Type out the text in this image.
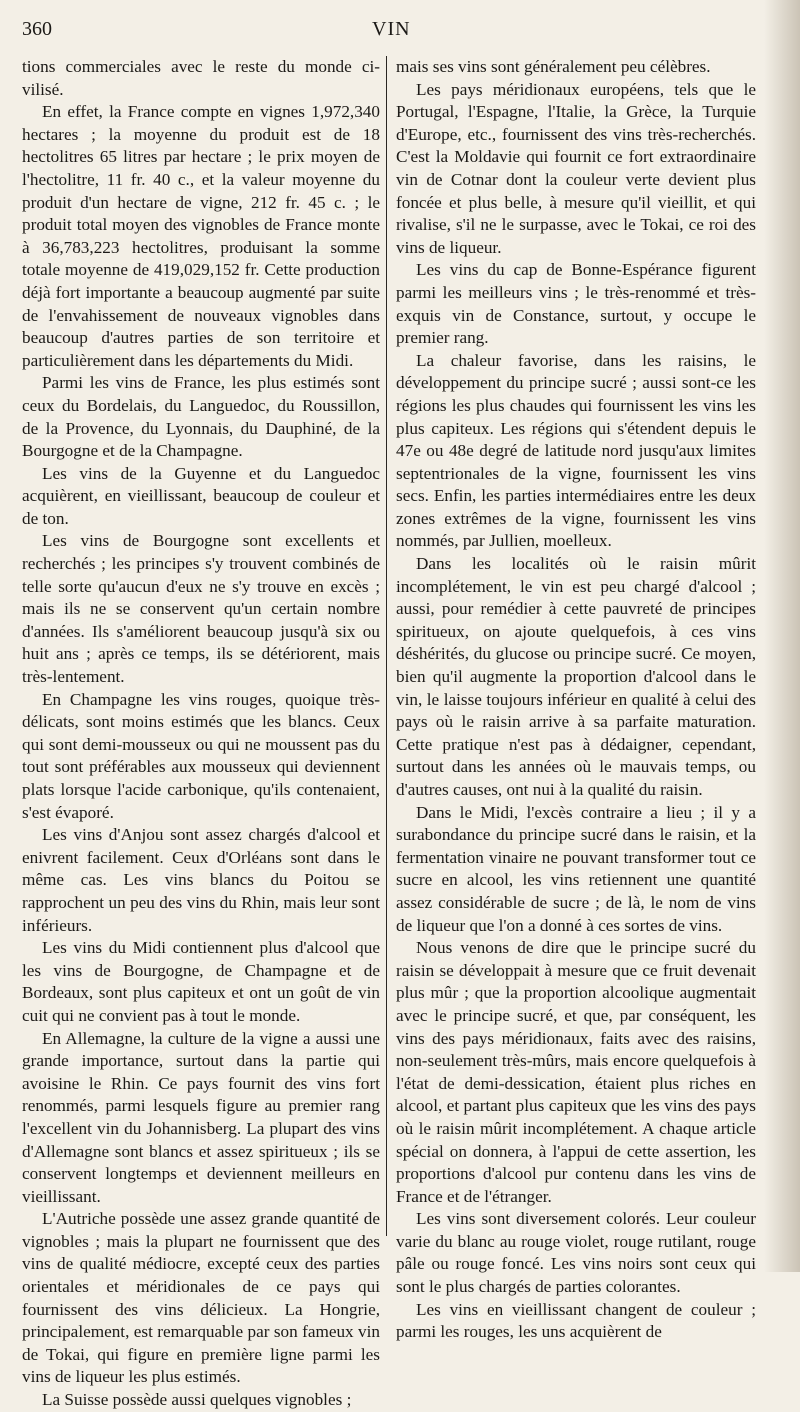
360	VIN

tions commerciales avec le reste du monde ci-vilisé.

En effet, la France compte en vignes 1,972,340 hectares ; la moyenne du produit est de 18 hectolitres 65 litres par hectare ; le prix moyen de l'hectolitre, 11 fr. 40 c., et la valeur moyenne du produit d'un hectare de vigne, 212 fr. 45 c. ; le produit total moyen des vignobles de France monte à 36,783,223 hectolitres, produisant la somme totale moyenne de 419,029,152 fr. Cette production déjà fort importante a beaucoup augmenté par suite de l'envahissement de nouveaux vignobles dans beaucoup d'autres parties de son territoire et particulièrement dans les départements du Midi.

Parmi les vins de France, les plus estimés sont ceux du Bordelais, du Languedoc, du Roussillon, de la Provence, du Lyonnais, du Dauphiné, de la Bourgogne et de la Champagne.

Les vins de la Guyenne et du Languedoc acquièrent, en vieillissant, beaucoup de couleur et de ton.

Les vins de Bourgogne sont excellents et recherchés ; les principes s'y trouvent combinés de telle sorte qu'aucun d'eux ne s'y trouve en excès ; mais ils ne se conservent qu'un certain nombre d'années. Ils s'améliorent beaucoup jusqu'à six ou huit ans ; après ce temps, ils se détériorent, mais très-lentement.

En Champagne les vins rouges, quoique très-délicats, sont moins estimés que les blancs. Ceux qui sont demi-mousseux ou qui ne moussent pas du tout sont préférables aux mousseux qui deviennent plats lorsque l'acide carbonique, qu'ils contenaient, s'est évaporé.

Les vins d'Anjou sont assez chargés d'alcool et enivrent facilement. Ceux d'Orléans sont dans le même cas. Les vins blancs du Poitou se rapprochent un peu des vins du Rhin, mais leur sont inférieurs.

Les vins du Midi contiennent plus d'alcool que les vins de Bourgogne, de Champagne et de Bordeaux, sont plus capiteux et ont un goût de vin cuit qui ne convient pas à tout le monde.

En Allemagne, la culture de la vigne a aussi une grande importance, surtout dans la partie qui avoisine le Rhin. Ce pays fournit des vins fort renommés, parmi lesquels figure au premier rang l'excellent vin du Johannisberg. La plupart des vins d'Allemagne sont blancs et assez spiritueux ; ils se conservent longtemps et deviennent meilleurs en vieillissant.

L'Autriche possède une assez grande quantité de vignobles ; mais la plupart ne fournissent que des vins de qualité médiocre, excepté ceux des parties orientales et méridionales de ce pays qui fournissent des vins délicieux. La Hongrie, principalement, est remarquable par son fameux vin de Tokai, qui figure en première ligne parmi les vins de liqueur les plus estimés.

La Suisse possède aussi quelques vignobles ;

mais ses vins sont généralement peu célèbres.

Les pays méridionaux européens, tels que le Portugal, l'Espagne, l'Italie, la Grèce, la Turquie d'Europe, etc., fournissent des vins très-recherchés. C'est la Moldavie qui fournit ce fort extraordinaire vin de Cotnar dont la couleur verte devient plus foncée et plus belle, à mesure qu'il vieillit, et qui rivalise, s'il ne le surpasse, avec le Tokai, ce roi des vins de liqueur.

Les vins du cap de Bonne-Espérance figurent parmi les meilleurs vins ; le très-renommé et très-exquis vin de Constance, surtout, y occupe le premier rang.

La chaleur favorise, dans les raisins, le développement du principe sucré ; aussi sont-ce les régions les plus chaudes qui fournissent les vins les plus capiteux. Les régions qui s'étendent depuis le 47e ou 48e degré de latitude nord jusqu'aux limites septentrionales de la vigne, fournissent les vins secs. Enfin, les parties intermédiaires entre les deux zones extrêmes de la vigne, fournissent les vins nommés, par Jullien, moelleux.

Dans les localités où le raisin mûrit incomplétement, le vin est peu chargé d'alcool ; aussi, pour remédier à cette pauvreté de principes spiritueux, on ajoute quelquefois, à ces vins déshérités, du glucose ou principe sucré. Ce moyen, bien qu'il augmente la proportion d'alcool dans le vin, le laisse toujours inférieur en qualité à celui des pays où le raisin arrive à sa parfaite maturation. Cette pratique n'est pas à dédaigner, cependant, surtout dans les années où le mauvais temps, ou d'autres causes, ont nui à la qualité du raisin.

Dans le Midi, l'excès contraire a lieu ; il y a surabondance du principe sucré dans le raisin, et la fermentation vinaire ne pouvant transformer tout ce sucre en alcool, les vins retiennent une quantité assez considérable de sucre ; de là, le nom de vins de liqueur que l'on a donné à ces sortes de vins.

Nous venons de dire que le principe sucré du raisin se développait à mesure que ce fruit devenait plus mûr ; que la proportion alcoolique augmentait avec le principe sucré, et que, par conséquent, les vins des pays méridionaux, faits avec des raisins, non-seulement très-mûrs, mais encore quelquefois à l'état de demi-dessication, étaient plus riches en alcool, et partant plus capiteux que les vins des pays où le raisin mûrit incomplétement. A chaque article spécial on donnera, à l'appui de cette assertion, les proportions d'alcool pur contenu dans les vins de France et de l'étranger.

Les vins sont diversement colorés. Leur couleur varie du blanc au rouge violet, rouge rutilant, rouge pâle ou rouge foncé. Les vins noirs sont ceux qui sont le plus chargés de parties colorantes.

Les vins en vieillissant changent de couleur ; parmi les rouges, les uns acquièrent de
